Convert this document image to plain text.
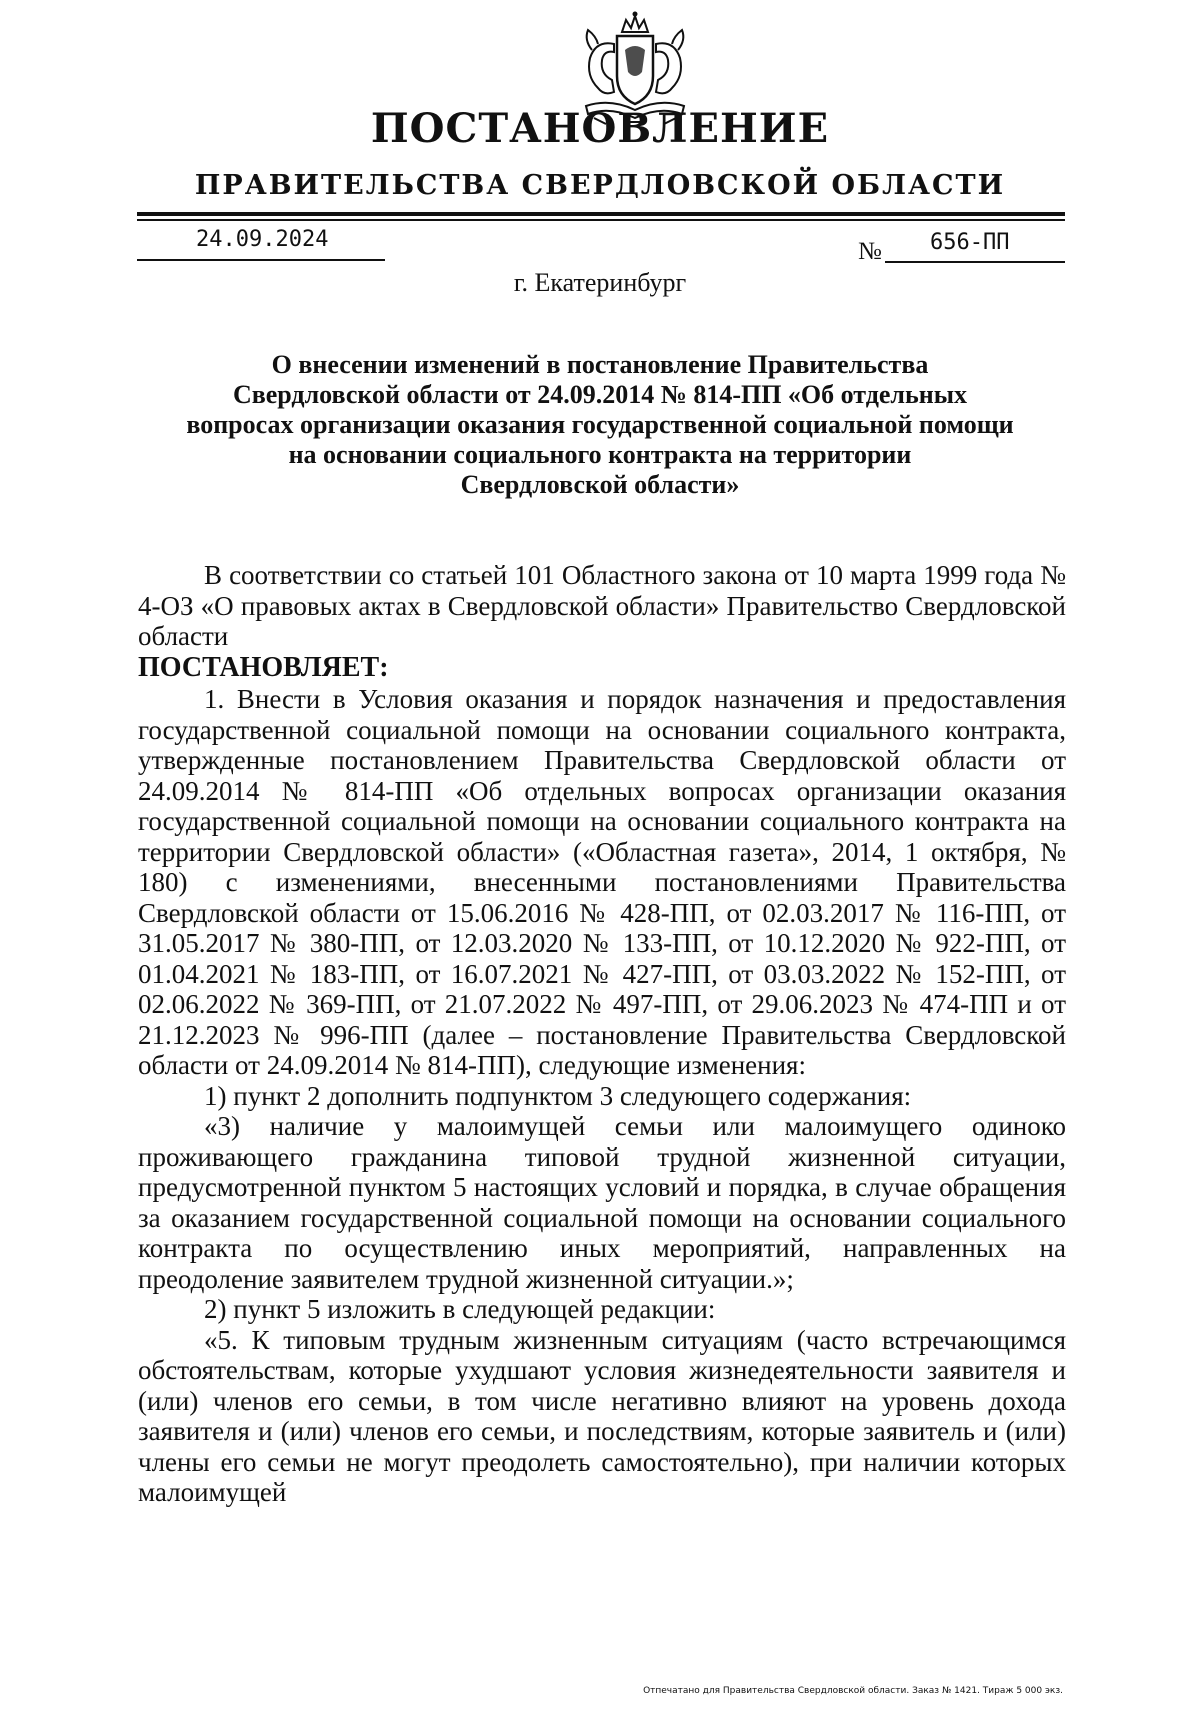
ПОСТАНОВЛЕНИЕ
ПРАВИТЕЛЬСТВА СВЕРДЛОВСКОЙ ОБЛАСТИ
24.09.2024	№ 656-ПП
г. Екатеринбург
О внесении изменений в постановление Правительства
Свердловской области от 24.09.2014 № 814-ПП «Об отдельных
вопросах организации оказания государственной социальной помощи
на основании социального контракта на территории
Свердловской области»

В соответствии со статьей 101 Областного закона от 10 марта 1999 года № 4-ОЗ «О правовых актах в Свердловской области» Правительство Свердловской области

ПОСТАНОВЛЯЕТ:

1. Внести в Условия оказания и порядок назначения и предоставления государственной социальной помощи на основании социального контракта, утвержденные постановлением Правительства Свердловской области от 24.09.2014 № 814-ПП «Об отдельных вопросах организации оказания государственной социальной помощи на основании социального контракта на территории Свердловской области» («Областная газета», 2014, 1 октября, № 180) с изменениями, внесенными постановлениями Правительства Свердловской области от 15.06.2016 № 428-ПП, от 02.03.2017 № 116-ПП, от 31.05.2017 № 380-ПП, от 12.03.2020 № 133-ПП, от 10.12.2020 № 922-ПП, от 01.04.2021 № 183-ПП, от 16.07.2021 № 427-ПП, от 03.03.2022 № 152-ПП, от 02.06.2022 № 369-ПП, от 21.07.2022 № 497-ПП, от 29.06.2023 № 474-ПП и от 21.12.2023 № 996-ПП (далее – постановление Правительства Свердловской области от 24.09.2014 № 814-ПП), следующие изменения:

1) пункт 2 дополнить подпунктом 3 следующего содержания:

«3) наличие у малоимущей семьи или малоимущего одиноко проживающего гражданина типовой трудной жизненной ситуации, предусмотренной пунктом 5 настоящих условий и порядка, в случае обращения за оказанием государственной социальной помощи на основании социального контракта по осуществлению иных мероприятий, направленных на преодоление заявителем трудной жизненной ситуации.»;

2) пункт 5 изложить в следующей редакции:

«5. К типовым трудным жизненным ситуациям (часто встречающимся обстоятельствам, которые ухудшают условия жизнедеятельности заявителя и (или) членов его семьи, в том числе негативно влияют на уровень дохода заявителя и (или) членов его семьи, и последствиям, которые заявитель и (или) члены его семьи не могут преодолеть самостоятельно), при наличии которых малоимущей

Отпечатано для Правительства Свердловской области. Заказ № 1421. Тираж 5 000 экз.
